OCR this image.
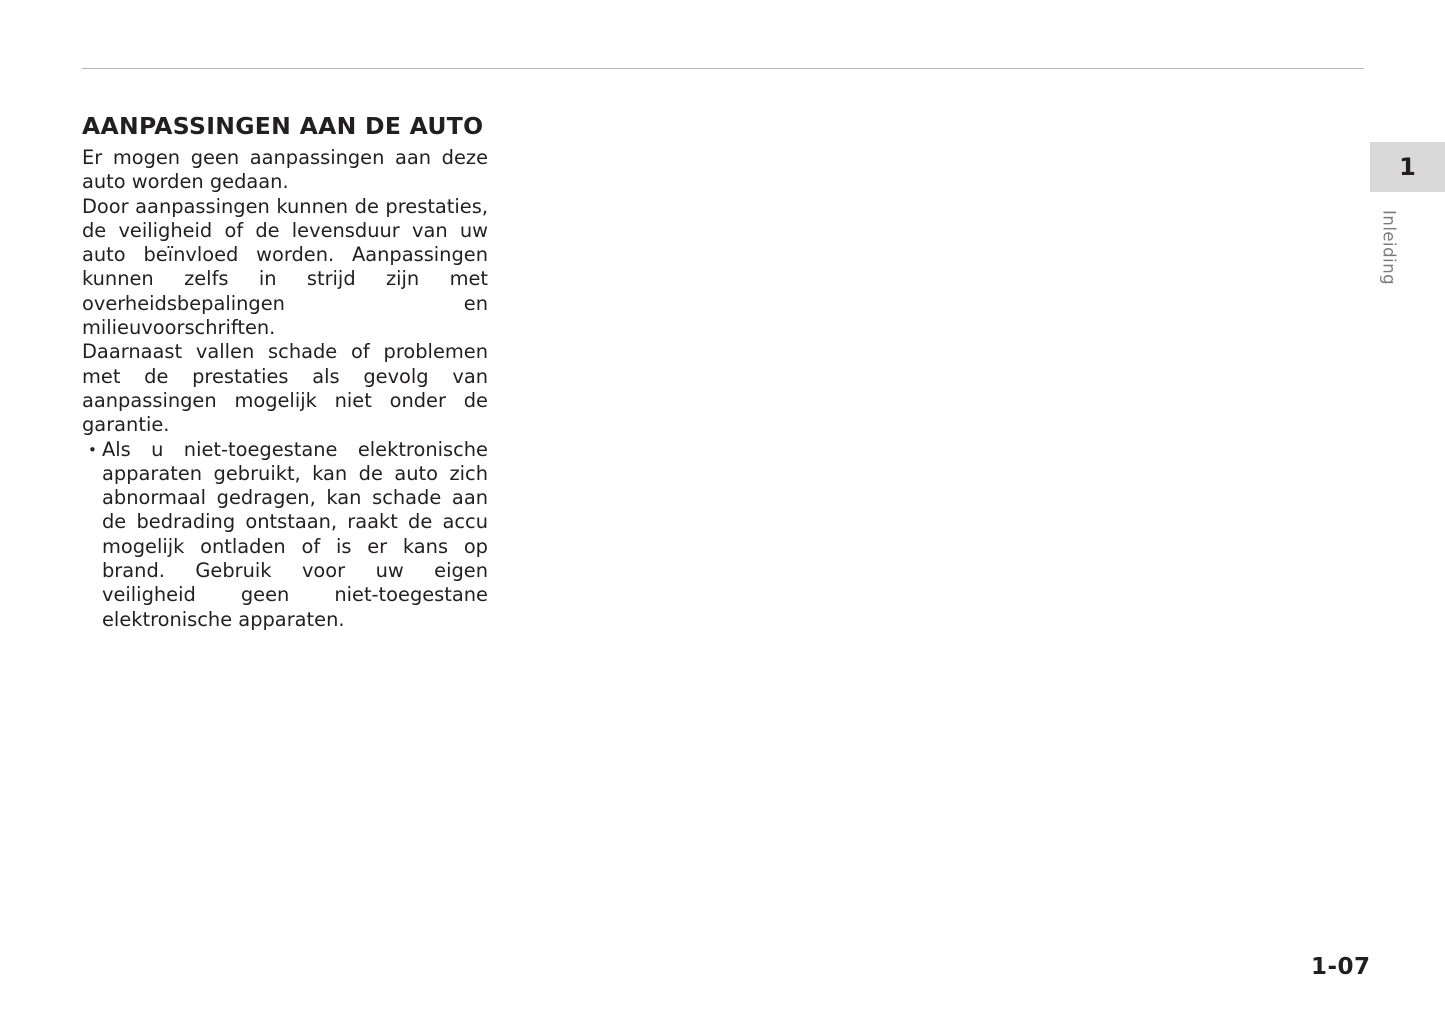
AANPASSINGEN AAN DE AUTO

Er mogen geen aanpassingen aan deze auto worden gedaan.

Door aanpassingen kunnen de prestaties, de veiligheid of de levensduur van uw auto beïnvloed worden. Aanpassingen kunnen zelfs in strijd zijn met overheidsbepalingen en milieuvoorschriften.

Daarnaast vallen schade of problemen met de prestaties als gevolg van aanpassingen mogelijk niet onder de garantie.

• Als u niet-toegestane elektronische apparaten gebruikt, kan de auto zich abnormaal gedragen, kan schade aan de bedrading ontstaan, raakt de accu mogelijk ontladen of is er kans op brand. Gebruik voor uw eigen veiligheid geen niet-toegestane elektronische apparaten.
1
Inleiding
1-07
